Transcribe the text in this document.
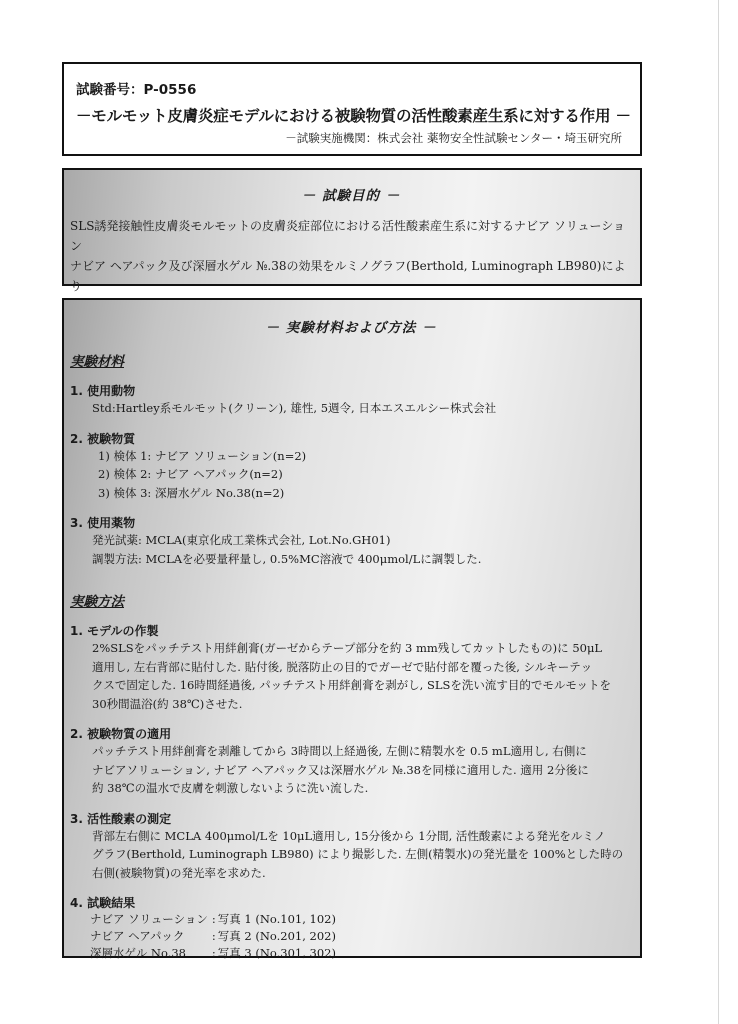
試験番号：P-0556
－モルモット皮膚炎症モデルにおける被験物質の活性酸素産生系に対する作用 －
－試験実施機関：株式会社 薬物安全性試験センター・埼玉研究所
－ 試験目的 －
SLS誘発接触性皮膚炎モルモットの皮膚炎症部位における活性酸素産生系に対するナビア ソリューション
ナビア ヘアパック及び深層水ゲル №.38の効果をルミノグラフ(Berthold, Luminograph LB980)により
－ 実験材料および方法 －
実験材料
1. 使用動物
Std:Hartley系モルモット(クリーン), 雄性, 5週令, 日本エスエルシー株式会社
2. 被験物質
1) 検体 1: ナビア ソリューション(n=2)
2) 検体 2: ナビア ヘアパック(n=2)
3) 検体 3: 深層水ゲル No.38(n=2)
3. 使用薬物
発光試薬: MCLA(東京化成工業株式会社, Lot.No.GH01)
調製方法: MCLAを必要量秤量し, 0.5%MC溶液で 400μmol/Lに調製した.
実験方法
1. モデルの作製
2%SLSをパッチテスト用絆創膏(ガーゼからテープ部分を約 3 mm残してカットしたもの)に 50μL
適用し, 左右背部に貼付した. 貼付後, 脱落防止の目的でガーゼで貼付部を覆った後, シルキーテッ
クスで固定した. 16時間経過後, パッチテスト用絆創膏を剥がし, SLSを洗い流す目的でモルモットを
30秒間温浴(約 38℃)させた.
2. 被験物質の適用
パッチテスト用絆創膏を剥離してから 3時間以上経過後, 左側に精製水を 0.5 mL適用し, 右側に
ナビアソリューション, ナビア ヘアパック又は深層水ゲル №.38を同様に適用した. 適用 2分後に
約 38℃の温水で皮膚を刺激しないように洗い流した.
3. 活性酸素の測定
背部左右側に MCLA 400μmol/Lを 10μL適用し, 15分後から 1分間, 活性酸素による発光をルミノ
グラフ(Berthold, Luminograph LB980) により撮影した. 左側(精製水)の発光量を 100%とした時の
右側(被験物質)の発光率を求めた.
4. 試験結果
ナビア ソリューション	:	写真 1 (No.101, 102)
ナビア ヘアパック	:	写真 2 (No.201, 202)
深層水ゲル No.38	:	写真 3 (No.301, 302)
